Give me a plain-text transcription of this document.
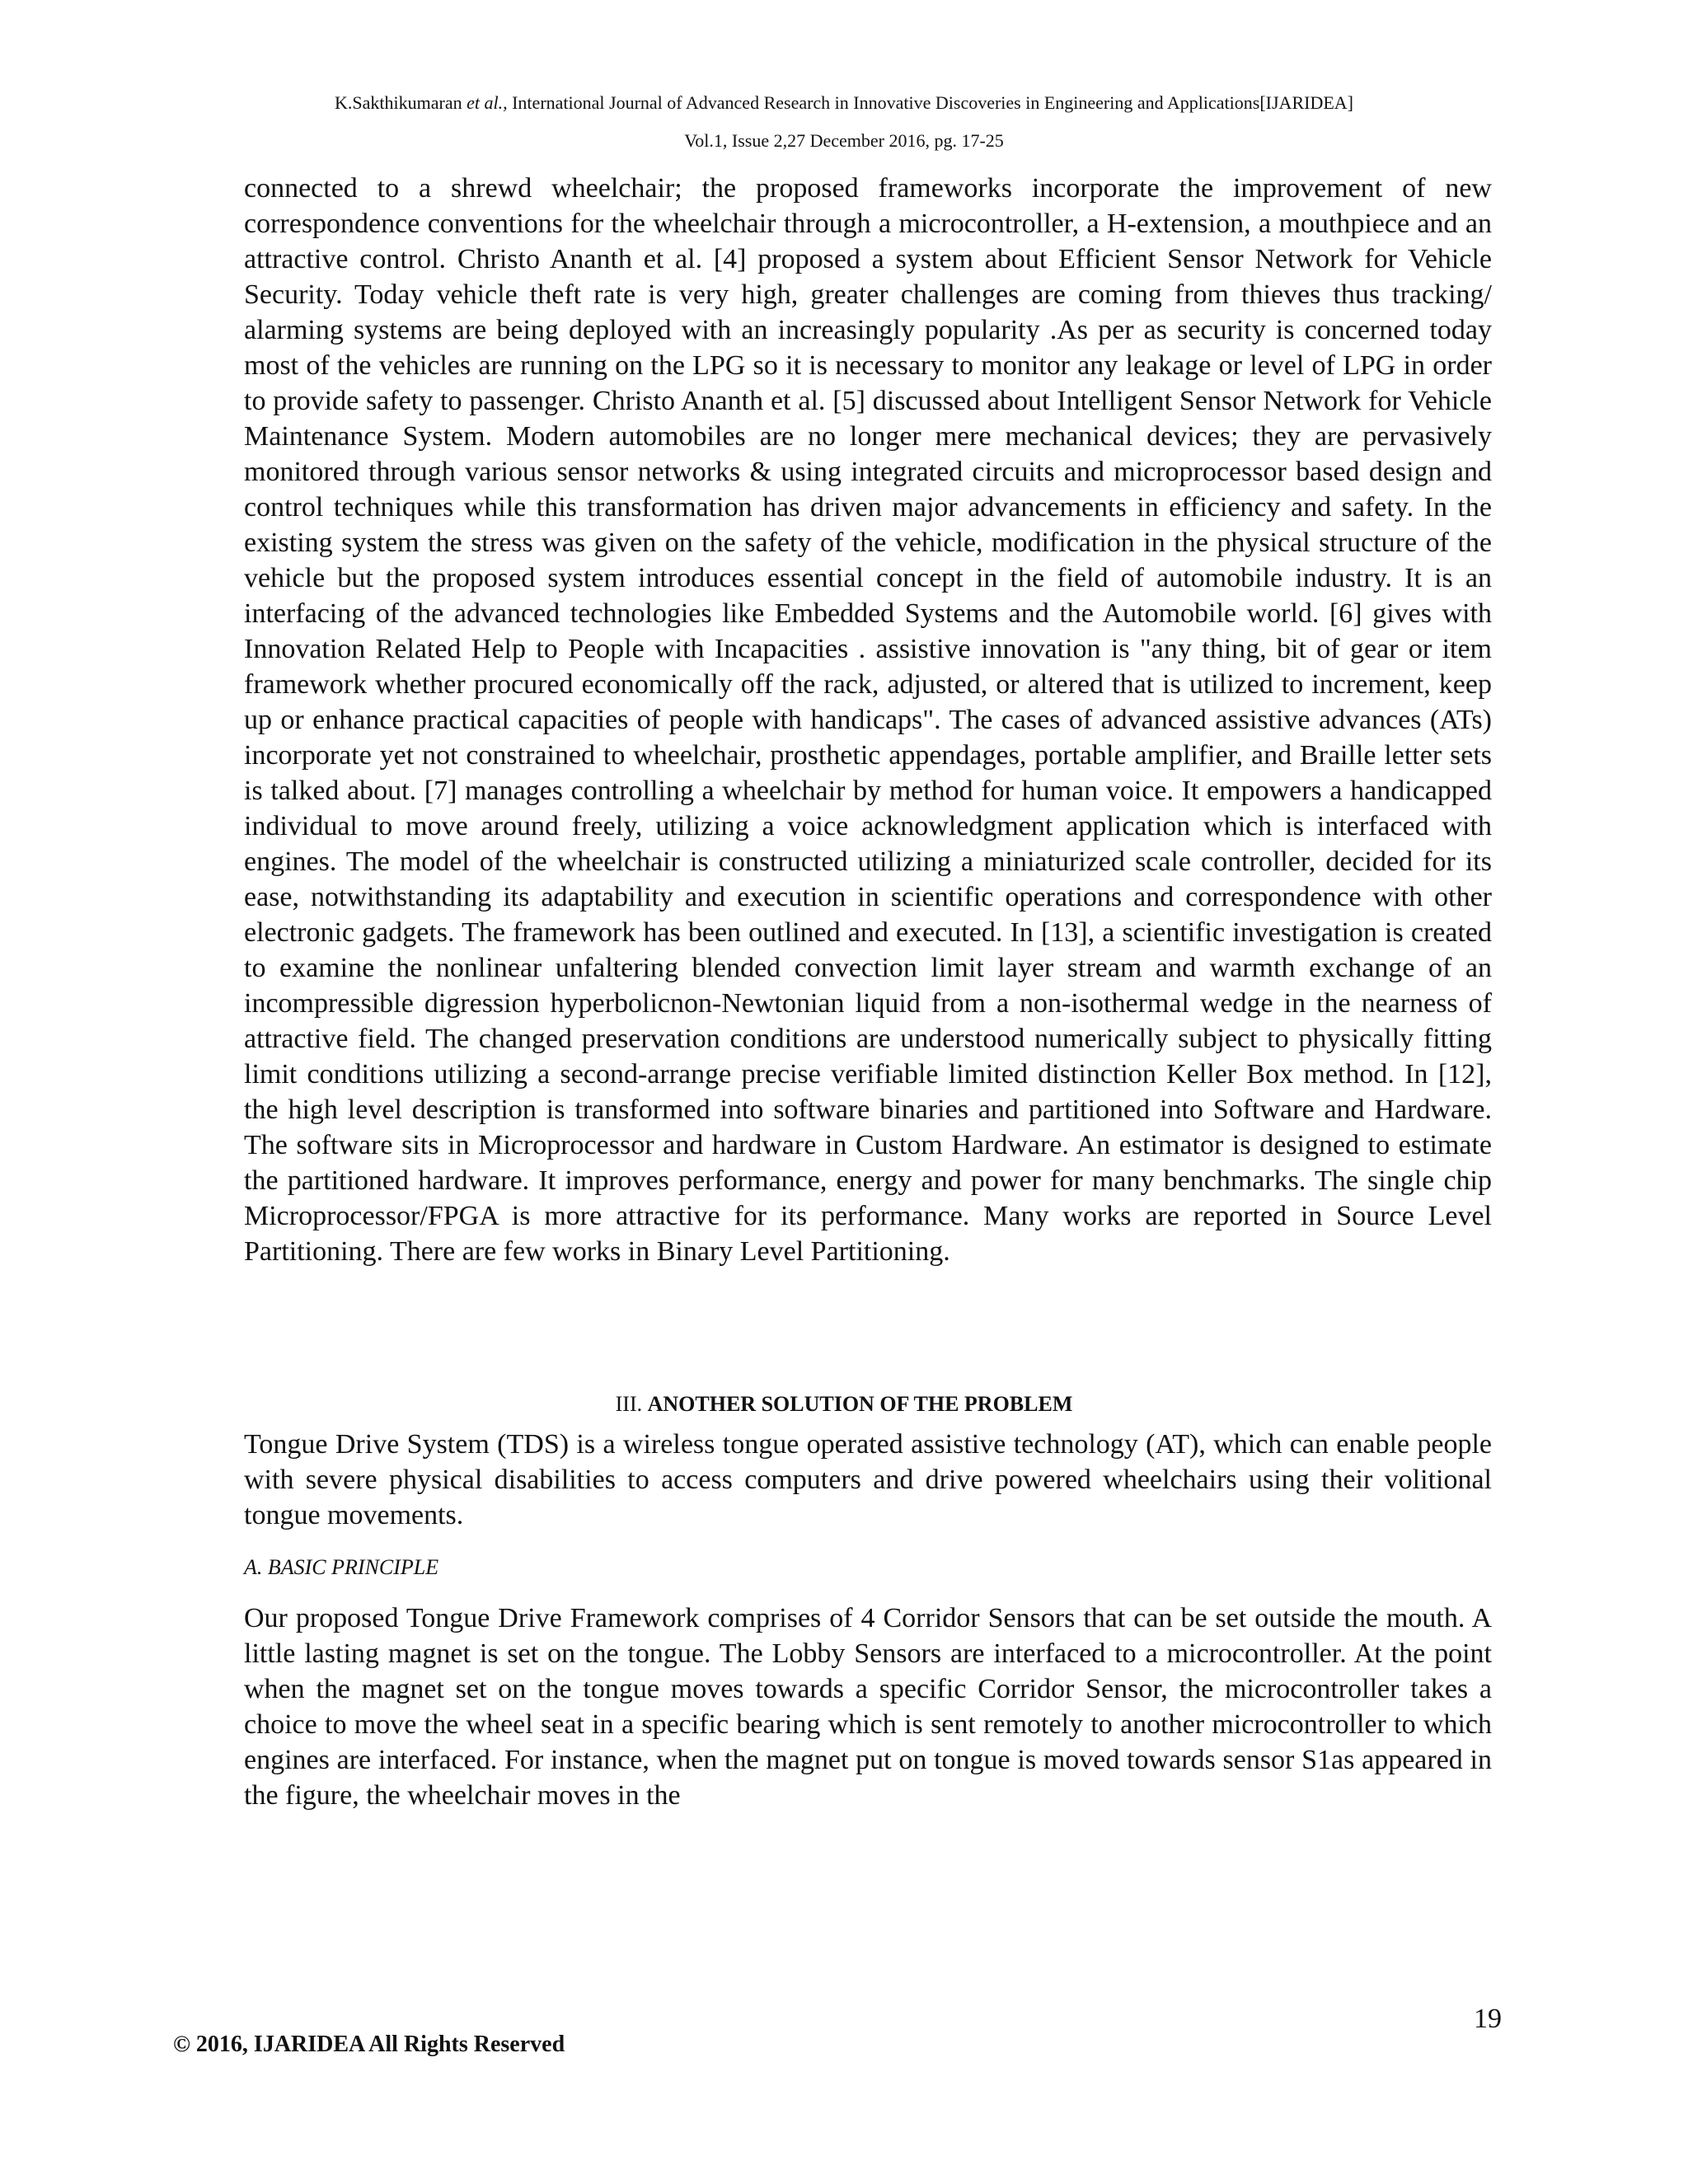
K.Sakthikumaran et al., International Journal of Advanced Research in Innovative Discoveries in Engineering and Applications[IJARIDEA]
Vol.1, Issue 2,27 December 2016, pg. 17-25
connected to a shrewd wheelchair; the proposed frameworks incorporate the improvement of new correspondence conventions for the wheelchair through a microcontroller, a H-extension, a mouthpiece and an attractive control. Christo Ananth et al. [4] proposed a system about Efficient Sensor Network for Vehicle Security. Today vehicle theft rate is very high, greater challenges are coming from thieves thus tracking/ alarming systems are being deployed with an increasingly popularity .As per as security is concerned today most of the vehicles are running on the LPG so it is necessary to monitor any leakage or level of LPG in order to provide safety to passenger. Christo Ananth et al. [5] discussed about Intelligent Sensor Network for Vehicle Maintenance System. Modern automobiles are no longer mere mechanical devices; they are pervasively monitored through various sensor networks & using integrated circuits and microprocessor based design and control techniques while this transformation has driven major advancements in efficiency and safety. In the existing system the stress was given on the safety of the vehicle, modification in the physical structure of the vehicle but the proposed system introduces essential concept in the field of automobile industry. It is an interfacing of the advanced technologies like Embedded Systems and the Automobile world. [6] gives with Innovation Related Help to People with Incapacities . assistive innovation is "any thing, bit of gear or item framework whether procured economically off the rack, adjusted, or altered that is utilized to increment, keep up or enhance practical capacities of people with handicaps". The cases of advanced assistive advances (ATs) incorporate yet not constrained to wheelchair, prosthetic appendages, portable amplifier, and Braille letter sets is talked about. [7] manages controlling a wheelchair by method for human voice. It empowers a handicapped individual to move around freely, utilizing a voice acknowledgment application which is interfaced with engines. The model of the wheelchair is constructed utilizing a miniaturized scale controller, decided for its ease, notwithstanding its adaptability and execution in scientific operations and correspondence with other electronic gadgets. The framework has been outlined and executed. In [13], a scientific investigation is created to examine the nonlinear unfaltering blended convection limit layer stream and warmth exchange of an incompressible digression hyperbolicnon-Newtonian liquid from a non-isothermal wedge in the nearness of attractive field. The changed preservation conditions are understood numerically subject to physically fitting limit conditions utilizing a second-arrange precise verifiable limited distinction Keller Box method. In [12], the high level description is transformed into software binaries and partitioned into Software and Hardware. The software sits in Microprocessor and hardware in Custom Hardware. An estimator is designed to estimate the partitioned hardware. It improves performance, energy and power for many benchmarks. The single chip Microprocessor/FPGA is more attractive for its performance. Many works are reported in Source Level Partitioning. There are few works in Binary Level Partitioning.
III. ANOTHER SOLUTION OF THE PROBLEM
Tongue Drive System (TDS) is a wireless tongue operated assistive technology (AT), which can enable people with severe physical disabilities to access computers and drive powered wheelchairs using their volitional tongue movements.
A. BASIC PRINCIPLE
Our proposed Tongue Drive Framework comprises of 4 Corridor Sensors that can be set outside the mouth. A little lasting magnet is set on the tongue. The Lobby Sensors are interfaced to a microcontroller. At the point when the magnet set on the tongue moves towards a specific Corridor Sensor, the microcontroller takes a choice to move the wheel seat in a specific bearing which is sent remotely to another microcontroller to which engines are interfaced. For instance, when the magnet put on tongue is moved towards sensor S1as appeared in the figure, the wheelchair moves in the
19
© 2016, IJARIDEA All Rights Reserved
